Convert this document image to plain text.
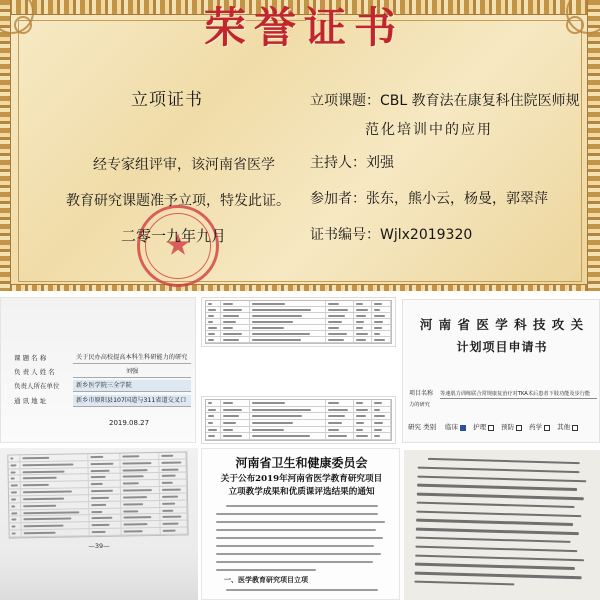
荣誉证书
立项证书
经专家组评审，该河南省医学
教育研究课题准予立项，特发此证。
二零一九年九月
立项课题：CBL 教育法在康复科住院医师规
范化培训中的应用
主持人：刘强
参加者：张东，熊小云，杨曼，郭翠萍
证书编号：Wjlx2019320
课 题 名 称	关于民办高校提高本科生科研能力的研究
负 责 人 姓 名	刘强
负责人所在单位	新乡医学院三全学院
通 讯 地 址	新乡市原阳县107国道与311省道交叉口
2019.08.27
河 南 省 医 学 科 技 攻 关
计划项目申请书
项目名称 等速肌力训练联合常规康复治疗对TKA术后患者下肢功能及步行能
力的研究
研究 类别 临床 护理 预防 药学 其他
—39—
河南省卫生和健康委员会
关于公布2019年河南省医学教育研究项目
立项教学成果和优质课评选结果的通知
一、医学教育研究项目立项
